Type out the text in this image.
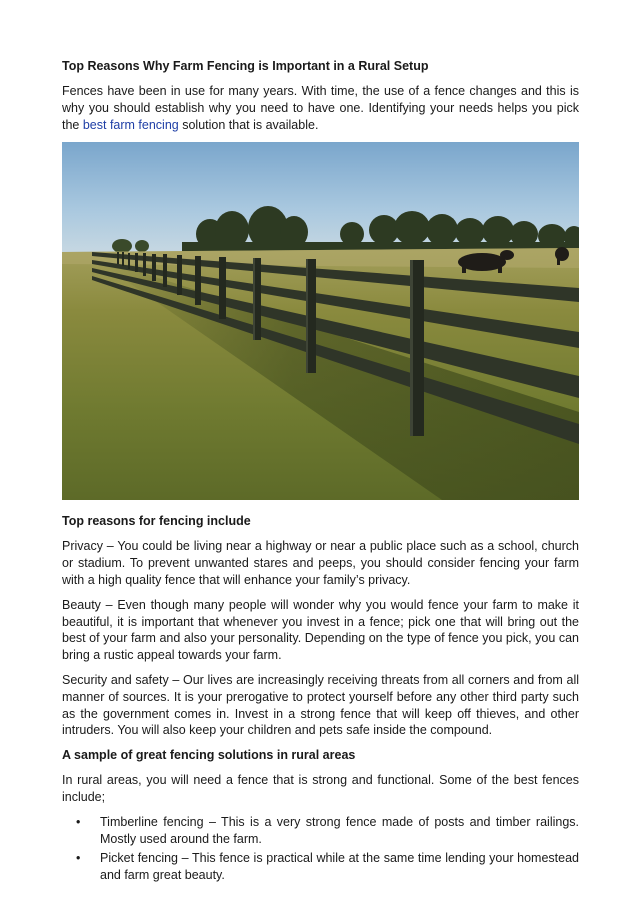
Top Reasons Why Farm Fencing is Important in a Rural Setup

Fences have been in use for many years. With time, the use of a fence changes and this is why you should establish why you need to have one. Identifying your needs helps you pick the best farm fencing solution that is available.

Top reasons for fencing include

Privacy – You could be living near a highway or near a public place such as a school, church or stadium. To prevent unwanted stares and peeps, you should consider fencing your farm with a high quality fence that will enhance your family’s privacy.

Beauty – Even though many people will wonder why you would fence your farm to make it beautiful, it is important that whenever you invest in a fence; pick one that will bring out the best of your farm and also your personality. Depending on the type of fence you pick, you can bring a rustic appeal towards your farm.

Security and safety – Our lives are increasingly receiving threats from all corners and from all manner of sources. It is your prerogative to protect yourself before any other third party such as the government comes in. Invest in a strong fence that will keep off thieves, and other intruders. You will also keep your children and pets safe inside the compound.

A sample of great fencing solutions in rural areas

In rural areas, you will need a fence that is strong and functional. Some of the best fences include;

• Timberline fencing – This is a very strong fence made of posts and timber railings. Mostly used around the farm.
• Picket fencing – This fence is practical while at the same time lending your homestead and farm great beauty.
